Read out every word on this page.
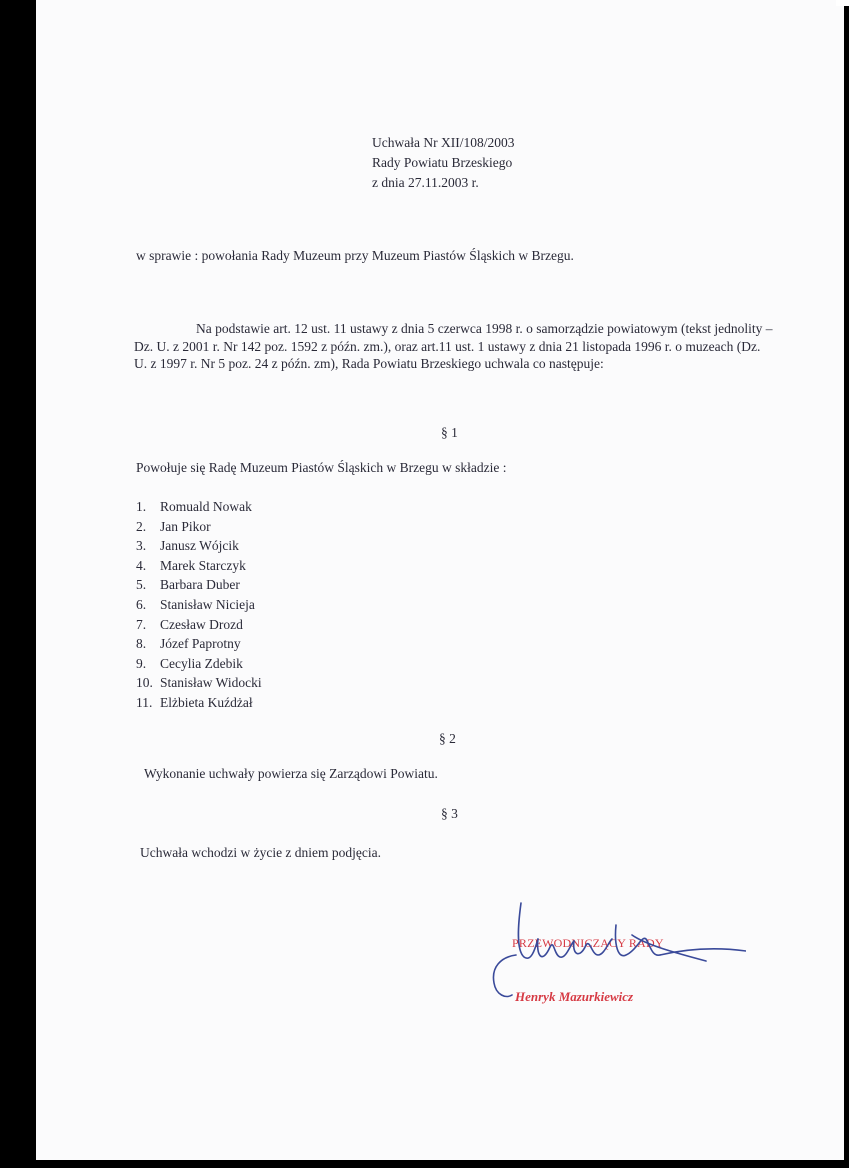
Uchwała Nr XII/108/2003
Rady Powiatu Brzeskiego
z dnia 27.11.2003 r.
w sprawie : powołania Rady Muzeum przy Muzeum Piastów Śląskich w Brzegu.
Na podstawie art. 12 ust. 11 ustawy z dnia 5 czerwca 1998 r. o samorządzie powiatowym (tekst jednolity – Dz. U. z 2001 r. Nr 142 poz. 1592 z późn. zm.), oraz art.11 ust. 1 ustawy z dnia 21 listopada 1996 r. o muzeach (Dz. U. z 1997 r. Nr 5 poz. 24 z późn. zm), Rada Powiatu Brzeskiego uchwala co następuje:
§ 1
Powołuje się Radę Muzeum Piastów Śląskich w Brzegu w składzie :
1.	Romuald Nowak
2.	Jan Pikor
3.	Janusz Wójcik
4.	Marek Starczyk
5.	Barbara Duber
6.	Stanisław Nicieja
7.	Czesław Drozd
8.	Józef Paprotny
9.	Cecylia Zdebik
10. Stanisław Widocki
11. Elżbieta Kuźdżał
§ 2
Wykonanie uchwały powierza się Zarządowi Powiatu.
§ 3
Uchwała wchodzi w życie z dniem podjęcia.
PRZEWODNICZĄCY RADY
Henryk Mazurkiewicz
